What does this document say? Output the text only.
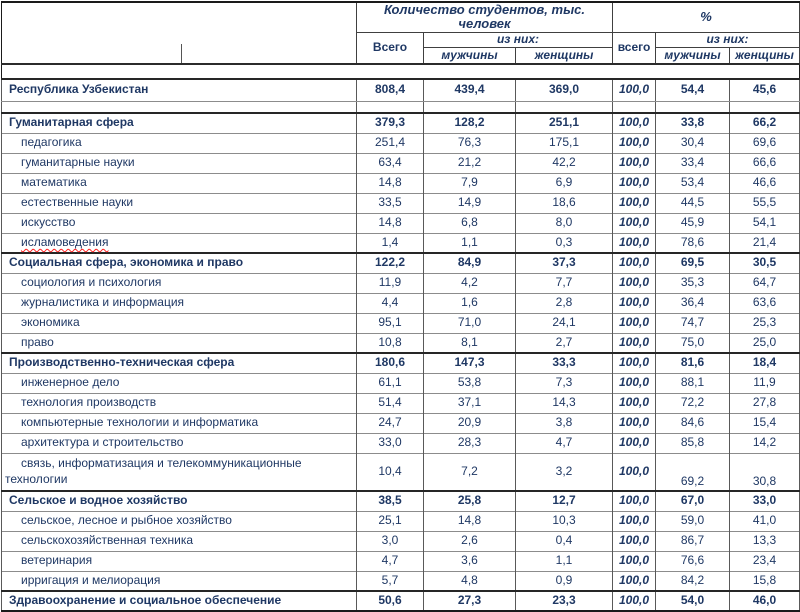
	Количество студентов, тыс. человек			%		
	Всего	из них:		всего	из них:	
		мужчины	женщины		мужчины	женщины

Республика Узбекистан	808,4	439,4	369,0	100,0	54,4	45,6

Гуманитарная сфера	379,3	128,2	251,1	100,0	33,8	66,2
педагогика	251,4	76,3	175,1	100,0	30,4	69,6
гуманитарные науки	63,4	21,2	42,2	100,0	33,4	66,6
математика	14,8	7,9	6,9	100,0	53,4	46,6
естественные науки	33,5	14,9	18,6	100,0	44,5	55,5
искусство	14,8	6,8	8,0	100,0	45,9	54,1
исламоведения	1,4	1,1	0,3	100,0	78,6	21,4
Социальная сфера, экономика и право	122,2	84,9	37,3	100,0	69,5	30,5
социология и психология	11,9	4,2	7,7	100,0	35,3	64,7
журналистика и информация	4,4	1,6	2,8	100,0	36,4	63,6
экономика	95,1	71,0	24,1	100,0	74,7	25,3
право	10,8	8,1	2,7	100,0	75,0	25,0
Производственно-техническая сфера	180,6	147,3	33,3	100,0	81,6	18,4
инженерное дело	61,1	53,8	7,3	100,0	88,1	11,9
технология производств	51,4	37,1	14,3	100,0	72,2	27,8
компьютерные технологии и информатика	24,7	20,9	3,8	100,0	84,6	15,4
архитектура и строительство	33,0	28,3	4,7	100,0	85,8	14,2
связь, информатизация и телекоммуникационные технологии	10,4	7,2	3,2	100,0	69,2	30,8
Сельское и водное хозяйство	38,5	25,8	12,7	100,0	67,0	33,0
сельское, лесное и рыбное хозяйство	25,1	14,8	10,3	100,0	59,0	41,0
сельскохозяйственная техника	3,0	2,6	0,4	100,0	86,7	13,3
ветеринария	4,7	3,6	1,1	100,0	76,6	23,4
ирригация и мелиорация	5,7	4,8	0,9	100,0	84,2	15,8
Здравоохранение и социальное обеспечение	50,6	27,3	23,3	100,0	54,0	46,0
